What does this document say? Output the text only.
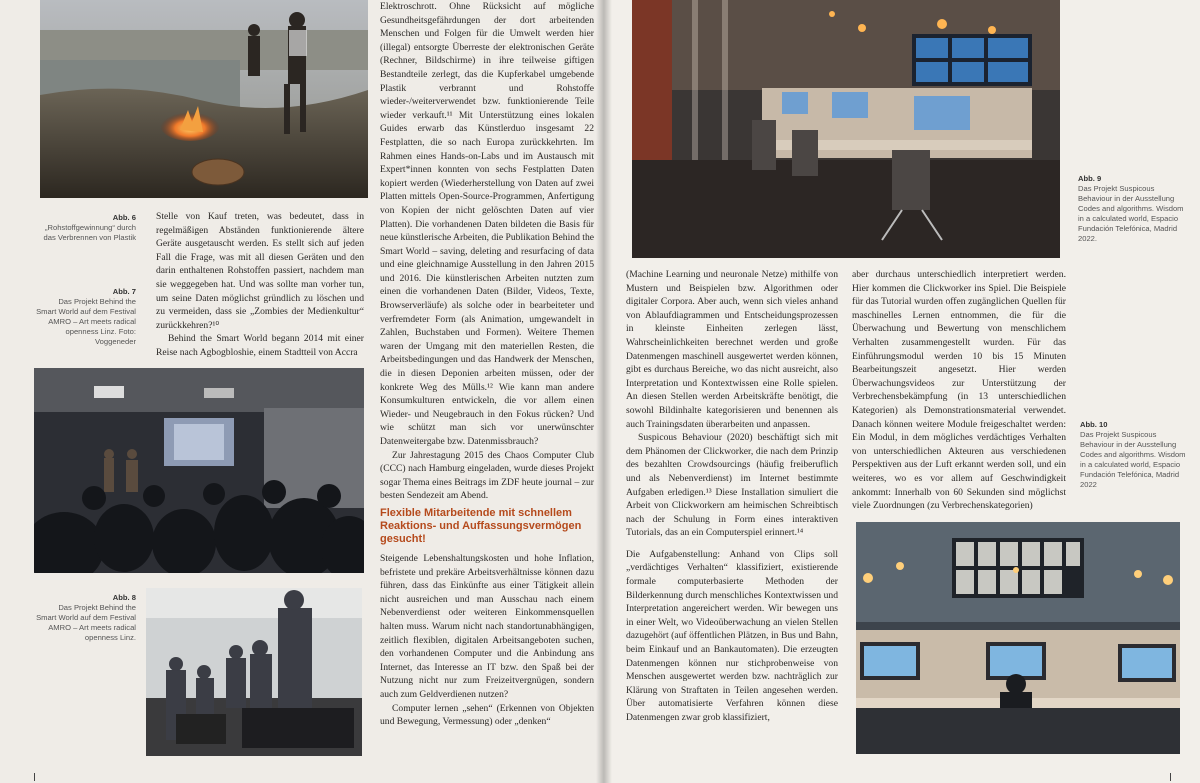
Abb. 6
„Rohstoffgewinnung“ durch das Verbrennen von Plastik
Abb. 7
Das Projekt Behind the Smart World auf dem Festival AMRO – Art meets radical openness Linz. Foto: Voggeneder

Stelle von Kauf treten, was bedeutet, dass in regelmäßigen Abständen funktionierende ältere Geräte ausgetauscht werden. Es stellt sich auf jeden Fall die Frage, was mit all diesen Geräten und den darin enthaltenen Rohstoffen passiert, nachdem man sie weggegeben hat. Und was sollte man vorher tun, um seine Daten möglichst gründlich zu löschen und zu vermeiden, dass sie „Zombies der Medienkultur“ zurückkehren?¹⁰

Behind the Smart World begann 2014 mit einer Reise nach Agbogbloshie, einem Stadtteil von Accra

Abb. 8
Das Projekt Behind the Smart World auf dem Festival AMRO – Art meets radical openness Linz.

Elektroschrott. Ohne Rücksicht auf mögliche Gesundheitsgefährdungen der dort arbeitenden Menschen und Folgen für die Umwelt werden hier (illegal) entsorgte Überreste der elektronischen Geräte (Rechner, Bildschirme) in ihre teilweise giftigen Bestandteile zerlegt, das die Kupferkabel umgebende Plastik verbrannt und Rohstoffe wieder-/weiterverwendet bzw. funktionierende Teile wieder verkauft.¹¹ Mit Unterstützung eines lokalen Guides erwarb das Künstlerduo insgesamt 22 Festplatten, die so nach Europa zurückkehrten. Im Rahmen eines Hands-on-Labs und im Austausch mit Expert*innen konnten von sechs Festplatten Daten kopiert werden (Wiederherstellung von Daten auf zwei Platten mittels Open-Source-Programmen, Anfertigung von Kopien der nicht gelöschten Daten auf vier Platten). Die vorhandenen Daten bildeten die Basis für neue künstlerische Arbeiten, die Publikation Behind the Smart World – saving, deleting and resurfacing of data und eine gleichnamige Ausstellung in den Jahren 2015 und 2016. Die künstlerischen Arbeiten nutzten zum einen die vorhandenen Daten (Bilder, Videos, Texte, Browserverläufe) als solche oder in bearbeiteter und verfremdeter Form (als Animation, umgewandelt in Zahlen, Buchstaben und Formen). Weitere Themen waren der Umgang mit den materiellen Resten, die Arbeitsbedingungen und das Handwerk der Menschen, die in diesen Deponien arbeiten müssen, oder der konkrete Weg des Mülls.¹² Wie kann man andere Konsumkulturen entwickeln, die vor allem einen Wieder- und Neugebrauch in den Fokus rücken? Und wie schützt man sich vor unerwünschter Datenweitergabe bzw. Datenmissbrauch?

Zur Jahrestagung 2015 des Chaos Computer Club (CCC) nach Hamburg eingeladen, wurde dieses Projekt sogar Thema eines Beitrags im ZDF heute journal – zur besten Sendezeit am Abend.

Flexible Mitarbeitende mit schnellem Reaktions- und Auffassungsvermögen gesucht!

Steigende Lebenshaltungskosten und hohe Inflation, befristete und prekäre Arbeitsverhältnisse können dazu führen, dass das Einkünfte aus einer Tätigkeit allein nicht ausreichen und man Ausschau nach einem Nebenverdienst oder weiteren Einkommensquellen halten muss. Warum nicht nach standortunabhängigen, zeitlich flexiblen, digitalen Arbeitsangeboten suchen, den vorhandenen Computer und die Anbindung ans Internet, das Interesse an IT bzw. den Spaß bei der Nutzung nicht nur zum Freizeitvergnügen, sondern auch zum Geldverdienen nutzen?

Computer lernen „sehen“ (Erkennen von Objekten und Bewegung, Vermessung) oder „denken“

Abb. 9
Das Projekt Suspicous Behaviour in der Ausstellung Codes and algorithms. Wisdom in a calculated world, Espacio Fundación Telefónica, Madrid 2022.

(Machine Learning und neuronale Netze) mithilfe von Mustern und Beispielen bzw. Algorithmen oder digitaler Corpora. Aber auch, wenn sich vieles anhand von Ablaufdiagrammen und Entscheidungsprozessen in kleinste Einheiten zerlegen lässt, Wahrscheinlichkeiten berechnet werden und große Datenmengen maschinell ausgewertet werden können, gibt es durchaus Bereiche, wo das nicht ausreicht, also Interpretation und Kontextwissen eine Rolle spielen. An diesen Stellen werden Arbeitskräfte benötigt, die sowohl Bildinhalte kategorisieren und benennen als auch Trainingsdaten überarbeiten und anpassen.

Suspicous Behaviour (2020) beschäftigt sich mit dem Phänomen der Clickworker, die nach dem Prinzip des bezahlten Crowdsourcings (häufig freiberuflich und als Nebenverdienst) im Internet bestimmte Aufgaben erledigen.¹³ Diese Installation simuliert die Arbeit von Clickworkern am heimischen Schreibtisch nach der Schulung in Form eines interaktiven Tutorials, das an ein Computerspiel erinnert.¹⁴

Die Aufgabenstellung: Anhand von Clips soll „verdächtiges Verhalten“ klassifiziert, existierende formale computerbasierte Methoden der Bilderkennung durch menschliches Kontextwissen und Interpretation angereichert werden. Wir bewegen uns in einer Welt, wo Videoüberwachung an vielen Stellen dazugehört (auf öffentlichen Plätzen, in Bus und Bahn, beim Einkauf und an Bankautomaten). Die erzeugten Datenmengen können nur stichprobenweise von Menschen ausgewertet werden bzw. nachträglich zur Klärung von Straftaten in Teilen angesehen werden. Über automatisierte Verfahren können diese Datenmengen zwar grob klassifiziert,

aber durchaus unterschiedlich interpretiert werden. Hier kommen die Clickworker ins Spiel. Die Beispiele für das Tutorial wurden offen zugänglichen Quellen für maschinelles Lernen entnommen, die für die Überwachung und Bewertung von menschlichem Verhalten zusammengestellt wurden. Für das Einführungsmodul werden 10 bis 15 Minuten Bearbeitungszeit angesetzt. Hier werden Überwachungsvideos zur Unterstützung der Verbrechensbekämpfung (in 13 unterschiedlichen Kategorien) als Demonstrationsmaterial verwendet. Danach können weitere Module freigeschaltet werden: Ein Modul, in dem mögliches verdächtiges Verhalten von unterschiedlichen Akteuren aus verschiedenen Perspektiven aus der Luft erkannt werden soll, und ein weiteres, wo es vor allem auf Geschwindigkeit ankommt: Innerhalb von 60 Sekunden sind möglichst viele Zuordnungen (zu Verbrechenskategorien)

Abb. 10
Das Projekt Suspicous Behaviour in der Ausstellung Codes and algorithms. Wisdom in a calculated world, Espacio Fundación Telefónica, Madrid 2022
